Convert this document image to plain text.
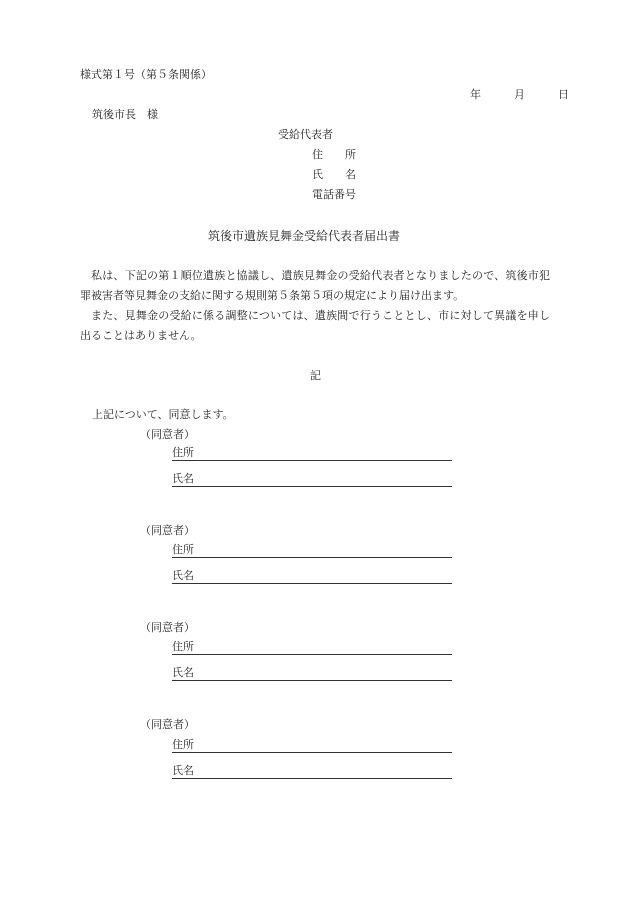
様式第１号（第５条関係）
年	月	日
筑後市長　様
受給代表者
住　　所
氏　　名
電話番号
筑後市遺族見舞金受給代表者届出書
私は、下記の第１順位遺族と協議し、遺族見舞金の受給代表者となりましたので、筑後市犯罪被害者等見舞金の支給に関する規則第５条第５項の規定により届け出ます。
また、見舞金の受給に係る調整については、遺族間で行うこととし、市に対して異議を申し出ることはありません。
記
上記について、同意します。
（同意者）
住所
氏名
（同意者）
住所
氏名
（同意者）
住所
氏名
（同意者）
住所
氏名
